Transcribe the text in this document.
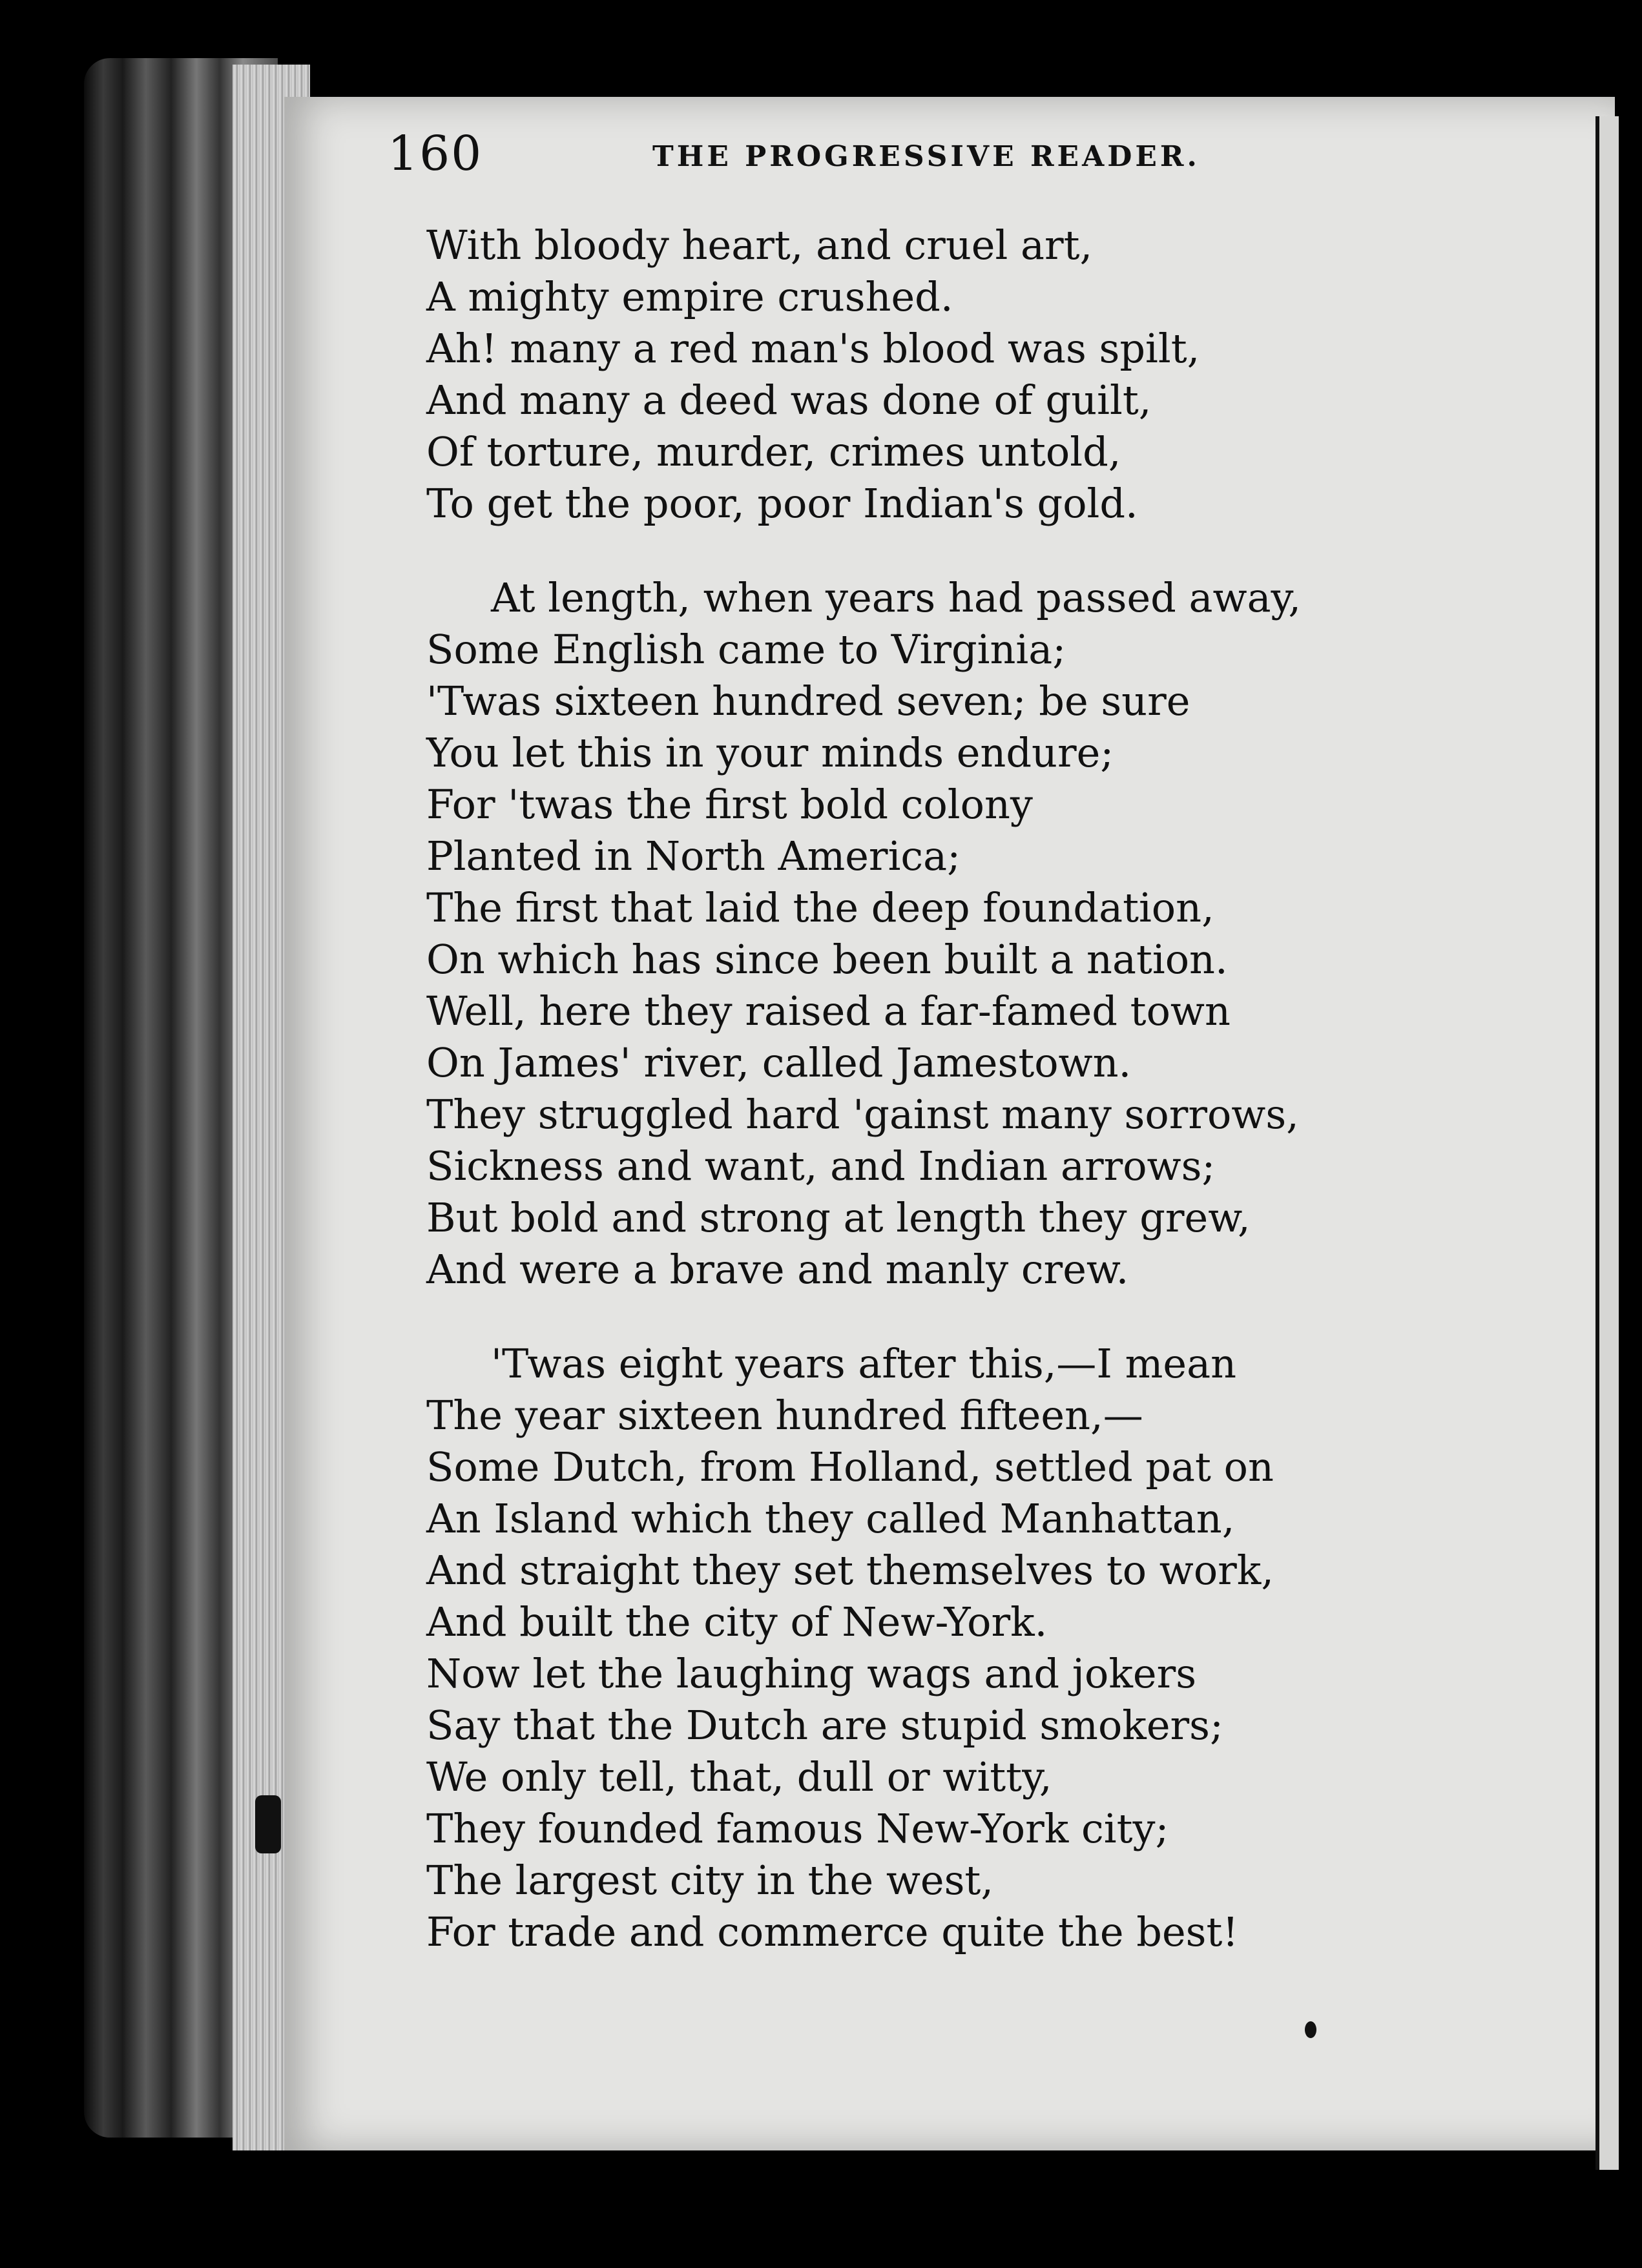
160	THE PROGRESSIVE READER.
With bloody heart, and cruel art,
A mighty empire crushed.
Ah! many a red man's blood was spilt,
And many a deed was done of guilt,
Of torture, murder, crimes untold,
To get the poor, poor Indian's gold.
At length, when years had passed away,
Some English came to Virginia;
'Twas sixteen hundred seven; be sure
You let this in your minds endure;
For 'twas the first bold colony
Planted in North America;
The first that laid the deep foundation,
On which has since been built a nation.
Well, here they raised a far-famed town
On James' river, called Jamestown.
They struggled hard 'gainst many sorrows,
Sickness and want, and Indian arrows;
But bold and strong at length they grew,
And were a brave and manly crew.
'Twas eight years after this,—I mean
The year sixteen hundred fifteen,—
Some Dutch, from Holland, settled pat on
An Island which they called Manhattan,
And straight they set themselves to work,
And built the city of New-York.
Now let the laughing wags and jokers
Say that the Dutch are stupid smokers;
We only tell, that, dull or witty,
They founded famous New-York city;
The largest city in the west,
For trade and commerce quite the best!
